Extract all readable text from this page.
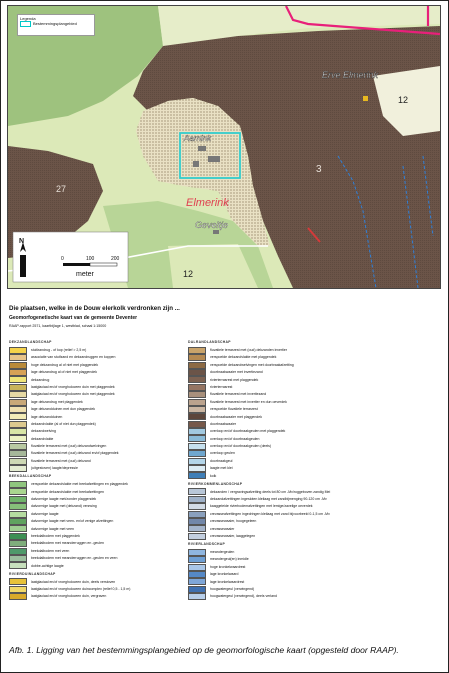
Erve Elmerink
Aarnink
Elmerink
Geveltje
12
3
27
12
N
0	100	200
meter
Legenda
Bestemmingsplangebied
Die plaatsen, welke in de Douw elerkolk verdronken zijn ...
Geomorfogenetische kaart van de gemeente Deventer
RAAP-rapport 2571, kaartbijlage 1, westblad, schaal 1:15000
DEKZANDLANDSCHAP
stuifzandrug - of kop (relief > 2,5 m)
associatie van stuifzand en dekzandruggen en koppen
hoge dekzandrug al of niet met plaggendek
lage dekzandrug al of niet met plaggendek
dekzandrug
laatglaciaal en/of vroegholoceen duin met plaggendek
laatglaciaal en/of vroegholoceen duin met plaggendek
lage dekzandrug met plaggendek
lage dekzandduinen met dun plaggendek
lage dekzandduinen
dekzandvlakte (al of niet dun plaggendek)
dekzandwelving
dekzandvlakte
fluvatiele terrasrest met (oud) dekzandwelvingen
fluvatiele terrasrest met (oud) dekzand en/of plaggendek
fluvatiele terrasrest met (oud) dekzand
(uitgestoven) laagte/depressie
BEEKDALLANDSCHAP
verspoelde dekzandvlakte met beekafzettingen en plaggendek
verspoelde dekzandvlakte met beekafzettingen
dalvormige laagte met/zonder plaggendek
dalvormige laagte met (dekzand) verzwing
dalvormige laagte
dalvormige laagte met veen- en/of venige afzettingen
dalvormige laagte met veen
beekdalbodem met plaggendek
beekdalbodem met meanderruggen en -geulen
beekdalbodem met veen
beekdalbodem met meanderruggen en -geulen en veen
dobbe-achtige laagte
RIVIERDUINLANDSCHAP
laatglaciaal en/of vroegholoceen duin, deels verstoven
laatglaciaal en/of vroegholoceen duincomplex (relief 0,5 - 1,5 m)
laatglaciaal en/of vroegholoceen duin, vergraven
DALRANDLANDSCHAP
fluvatiele terrasrest met (oud) dekzanden invertier
verspoelde dekzandvlakte met plaggendek
verspoelde dekzandwelvingen met doorbraakafzetting
doorbraakwaaier met invertiezand
rivierterrasrest met plaggendek
rivierterrasrest
fluvatiele terrasrest met invertiezand
fluvatiele terrasrest met invertier en dun oeverdek
verspoelde fluvatiele terrasrest
doorbraakwaaier met plaggendek
doorbraakwaaier
overloop en/of doorbraakgeulen met plaggendek
overloop en/of doorbraakgeulen
overloop en/of doorbraakgeulen (deels)
overloop geulen
doorbraakgeul
laagte met klei
kolk
RIVIERKOMMENLANDSCHAP
dekzanden / vergravingsafzetting deels tot 80 cm -Mv/roggeboven zandig Mei
dekzandafzettingen ingesloten kleilaag met zandbijmenging 90-120 cm -Mv
kaaggeleide rivierbodemafzettingen met lemige/zavelige oeverdek
crevasseafzettingen ingedringen kleilaag met zand bijvoorbeeld 0-1,5 cm -Mv
crevassewaaier, hoogegeleen
crevassewaaier
crevassewaaier, laaggelegen
RIVIERLANDSCHAP
meandergeulen
meandergeul(en) inmidle
hoge kronkelwaardrest
lage kronkelwaard
lage kronkelwaardrest
hoogwatergeul (verwingend)
hoogwatergeul (verwingend), deels verland
Afb. 1. Ligging van het bestemmingsplangebied op de geomorfologische kaart (opgesteld door RAAP).
